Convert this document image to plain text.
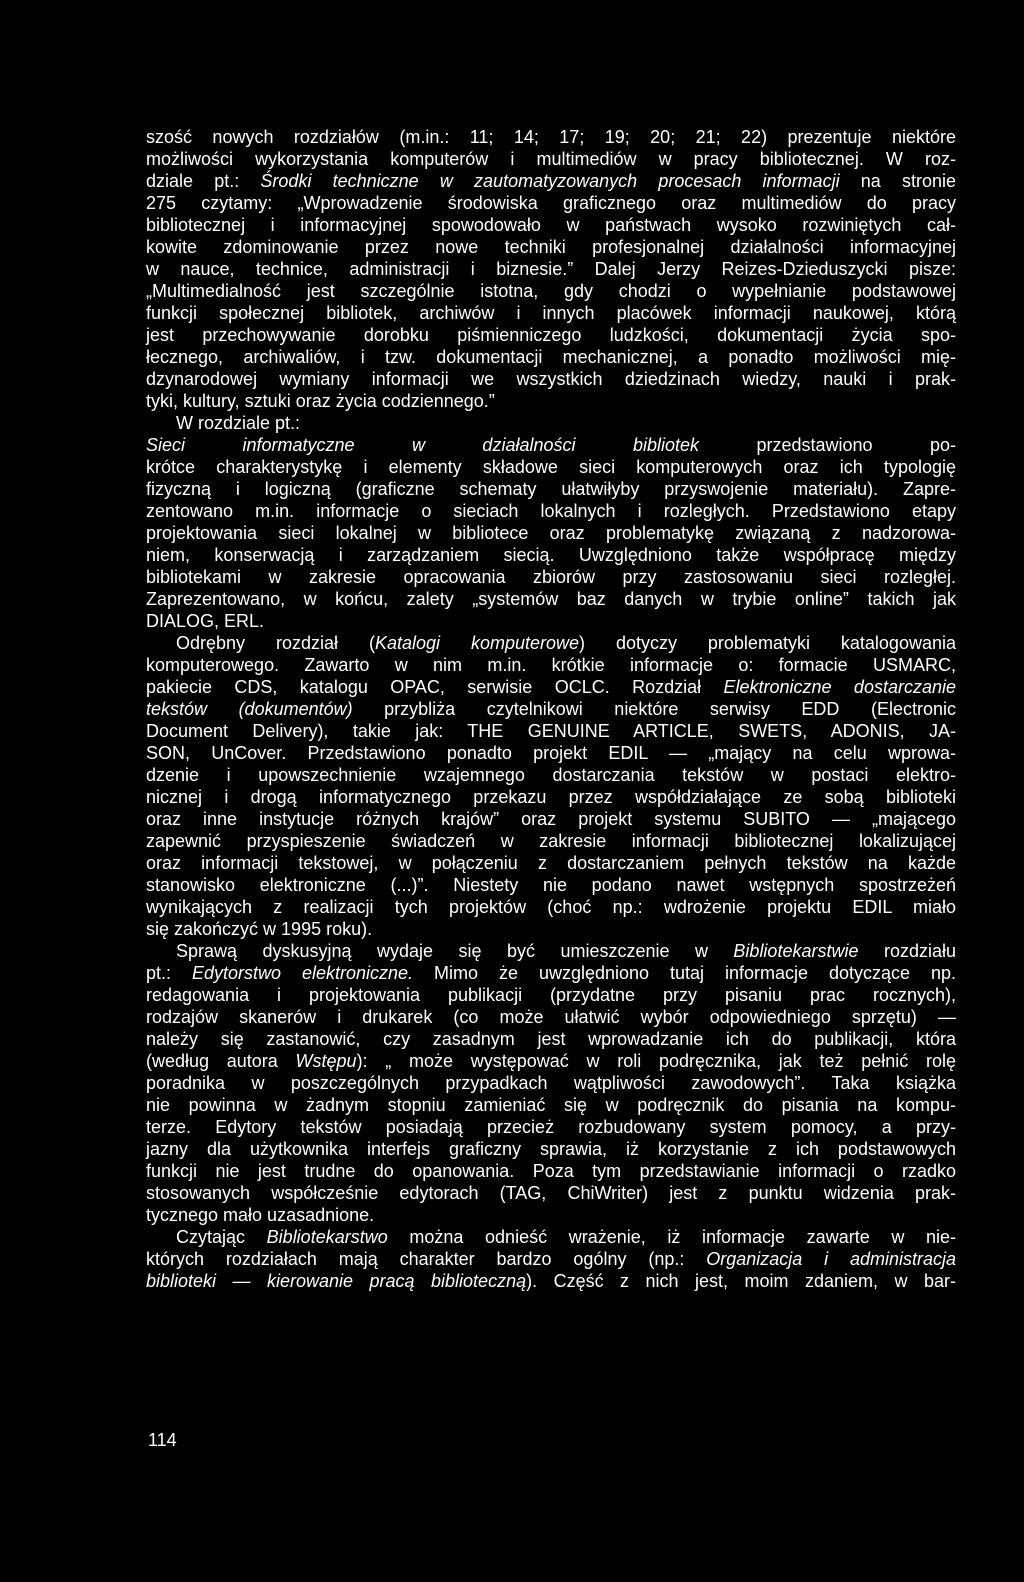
szość nowych rozdziałów (m.in.: 11; 14; 17; 19; 20; 21; 22) prezentuje niektóre
możliwości wykorzystania komputerów i multimediów w pracy bibliotecznej. W roz-
dziale pt.: Środki techniczne w zautomatyzowanych procesach informacji na stronie
275 czytamy: „Wprowadzenie środowiska graficznego oraz multimediów do pracy
bibliotecznej i informacyjnej spowodowało w państwach wysoko rozwiniętych cał-
kowite zdominowanie przez nowe techniki profesjonalnej działalności informacyjnej
w nauce, technice, administracji i biznesie.” Dalej Jerzy Reizes-Dzieduszycki pisze:
„Multimedialność jest szczególnie istotna, gdy chodzi o wypełnianie podstawowej
funkcji społecznej bibliotek, archiwów i innych placówek informacji naukowej, którą
jest przechowywanie dorobku piśmienniczego ludzkości, dokumentacji życia spo-
łecznego, archiwaliów, i tzw. dokumentacji mechanicznej, a ponadto możliwości mię-
dzynarodowej wymiany informacji we wszystkich dziedzinach wiedzy, nauki i prak-
tyki, kultury, sztuki oraz życia codziennego.”
W rozdziale pt.:
Sieci informatyczne w działalności bibliotek przedstawiono po-
krótce charakterystykę i elementy składowe sieci komputerowych oraz ich typologię
fizyczną i logiczną (graficzne schematy ułatwiłyby przyswojenie materiału). Zapre-
zentowano m.in. informacje o sieciach lokalnych i rozległych. Przedstawiono etapy
projektowania sieci lokalnej w bibliotece oraz problematykę związaną z nadzorowa-
niem, konserwacją i zarządzaniem siecią. Uwzględniono także współpracę między
bibliotekami w zakresie opracowania zbiorów przy zastosowaniu sieci rozległej.
Zaprezentowano, w końcu, zalety „systemów baz danych w trybie online” takich jak
DIALOG, ERL.
Odrębny rozdział (Katalogi komputerowe) dotyczy problematyki katalogowania
komputerowego. Zawarto w nim m.in. krótkie informacje o: formacie USMARC,
pakiecie CDS, katalogu OPAC, serwisie OCLC. Rozdział Elektroniczne dostarczanie
tekstów (dokumentów) przybliża czytelnikowi niektóre serwisy EDD (Electronic
Document Delivery), takie jak: THE GENUINE ARTICLE, SWETS, ADONIS, JA-
SON, UnCover. Przedstawiono ponadto projekt EDIL — „mający na celu wprowa-
dzenie i upowszechnienie wzajemnego dostarczania tekstów w postaci elektro-
nicznej i drogą informatycznego przekazu przez współdziałające ze sobą biblioteki
oraz inne instytucje różnych krajów” oraz projekt systemu SUBITO — „mającego
zapewnić przyspieszenie świadczeń w zakresie informacji bibliotecznej lokalizującej
oraz informacji tekstowej, w połączeniu z dostarczaniem pełnych tekstów na każde
stanowisko elektroniczne (...)”. Niestety nie podano nawet wstępnych spostrzeżeń
wynikających z realizacji tych projektów (choć np.: wdrożenie projektu EDIL miało
się zakończyć w 1995 roku).
Sprawą dyskusyjną wydaje się być umieszczenie w Bibliotekarstwie rozdziału
pt.: Edytorstwo elektroniczne. Mimo że uwzględniono tutaj informacje dotyczące np.
redagowania i projektowania publikacji (przydatne przy pisaniu prac rocznych),
rodzajów skanerów i drukarek (co może ułatwić wybór odpowiedniego sprzętu) —
należy się zastanowić, czy zasadnym jest wprowadzanie ich do publikacji, która
(według autora Wstępu): „ może występować w roli podręcznika, jak też pełnić rolę
poradnika w poszczególnych przypadkach wątpliwości zawodowych”. Taka książka
nie powinna w żadnym stopniu zamieniać się w podręcznik do pisania na kompu-
terze. Edytory tekstów posiadają przecież rozbudowany system pomocy, a przy-
jazny dla użytkownika interfejs graficzny sprawia, iż korzystanie z ich podstawowych
funkcji nie jest trudne do opanowania. Poza tym przedstawianie informacji o rzadko
stosowanych współcześnie edytorach (TAG, ChiWriter) jest z punktu widzenia prak-
tycznego mało uzasadnione.
Czytając Bibliotekarstwo można odnieść wrażenie, iż informacje zawarte w nie-
których rozdziałach mają charakter bardzo ogólny (np.: Organizacja i administracja
biblioteki — kierowanie pracą biblioteczną). Część z nich jest, moim zdaniem, w bar-
114
